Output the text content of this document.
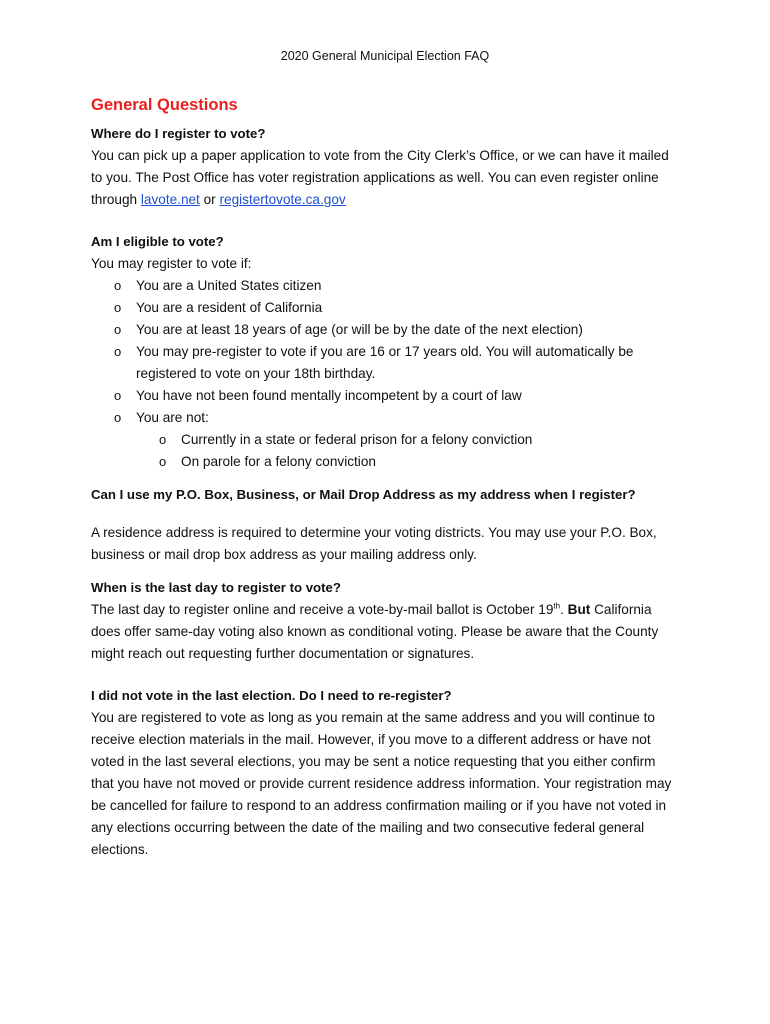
2020 General Municipal Election FAQ
General Questions

Where do I register to vote?

You can pick up a paper application to vote from the City Clerk’s Office, or we can have it mailed to you. The Post Office has voter registration applications as well. You can even register online through lavote.net or registertovote.ca.gov

Am I eligible to vote?

You may register to vote if:

o You are a United States citizen
o You are a resident of California
o You are at least 18 years of age (or will be by the date of the next election)
o You may pre-register to vote if you are 16 or 17 years old. You will automatically be registered to vote on your 18th birthday.
o You have not been found mentally incompetent by a court of law
o You are not:
o Currently in a state or federal prison for a felony conviction
o On parole for a felony conviction

Can I use my P.O. Box, Business, or Mail Drop Address as my address when I register?

A residence address is required to determine your voting districts. You may use your P.O. Box, business or mail drop box address as your mailing address only.

When is the last day to register to vote?

The last day to register online and receive a vote-by-mail ballot is October 19th. But California does offer same-day voting also known as conditional voting. Please be aware that the County might reach out requesting further documentation or signatures.

I did not vote in the last election. Do I need to re-register?

You are registered to vote as long as you remain at the same address and you will continue to receive election materials in the mail. However, if you move to a different address or have not voted in the last several elections, you may be sent a notice requesting that you either confirm that you have not moved or provide current residence address information. Your registration may be cancelled for failure to respond to an address confirmation mailing or if you have not voted in any elections occurring between the date of the mailing and two consecutive federal general elections.
